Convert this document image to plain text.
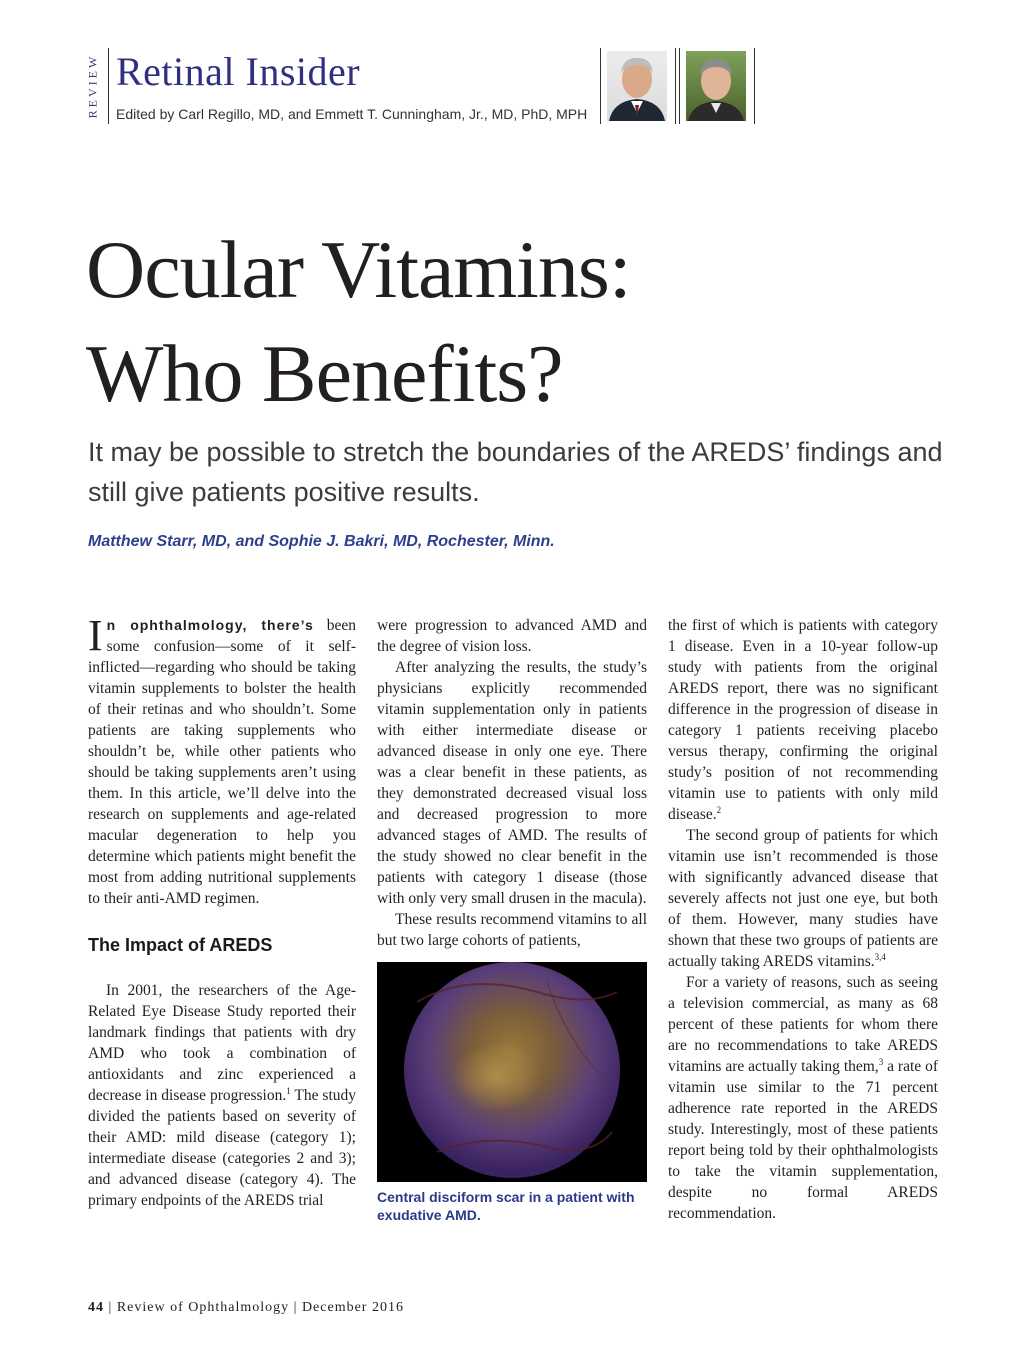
REVIEW Retinal Insider
Edited by Carl Regillo, MD, and Emmett T. Cunningham, Jr., MD, PhD, MPH
Ocular Vitamins:
Who Benefits?
It may be possible to stretch the boundaries of the AREDS’ findings and still give patients positive results.
Matthew Starr, MD, and Sophie J. Bakri, MD, Rochester, Minn.

In ophthalmology, there’s been some confusion—some of it self-inflicted—regarding who should be taking vitamin supplements to bolster the health of their retinas and who shouldn’t. Some patients are taking supplements who shouldn’t be, while other patients who should be taking supplements aren’t using them. In this article, we’ll delve into the research on supplements and age-related macular degeneration to help you determine which patients might benefit the most from adding nutritional supplements to their anti-AMD regimen.

The Impact of AREDS

In 2001, the researchers of the Age-Related Eye Disease Study reported their landmark findings that patients with dry AMD who took a combination of antioxidants and zinc experienced a decrease in disease progression.$^1$ The study divided the patients based on severity of their AMD: mild disease (category 1); intermediate disease (categories 2 and 3); and advanced disease (category 4). The primary endpoints of the AREDS trial

were progression to advanced AMD and the degree of vision loss.

After analyzing the results, the study’s physicians explicitly recommended vitamin supplementation only in patients with either intermediate disease or advanced disease in only one eye. There was a clear benefit in these patients, as they demonstrated decreased visual loss and decreased progression to more advanced stages of AMD. The results of the study showed no clear benefit in the patients with category 1 disease (those with only very small drusen in the macula).

These results recommend vitamins to all but two large cohorts of patients,

Central disciform scar in a patient with exudative AMD.

the first of which is patients with category 1 disease. Even in a 10-year follow-up study with patients from the original AREDS report, there was no significant difference in the progression of disease in category 1 patients receiving placebo versus therapy, confirming the original study’s position of not recommending vitamin use to patients with only mild disease.$^2$

The second group of patients for which vitamin use isn’t recommended is those with significantly advanced disease that severely affects not just one eye, but both of them. However, many studies have shown that these two groups of patients are actually taking AREDS vitamins.$^{3,4}$

For a variety of reasons, such as seeing a television commercial, as many as 68 percent of these patients for whom there are no recommendations to take AREDS vitamins are actually taking them,$^3$ a rate of vitamin use similar to the 71 percent adherence rate reported in the AREDS study. Interestingly, most of these patients report being told by their ophthalmologists to take the vitamin supplementation, despite no formal AREDS recommendation.

44 | Review of Ophthalmology | December 2016
